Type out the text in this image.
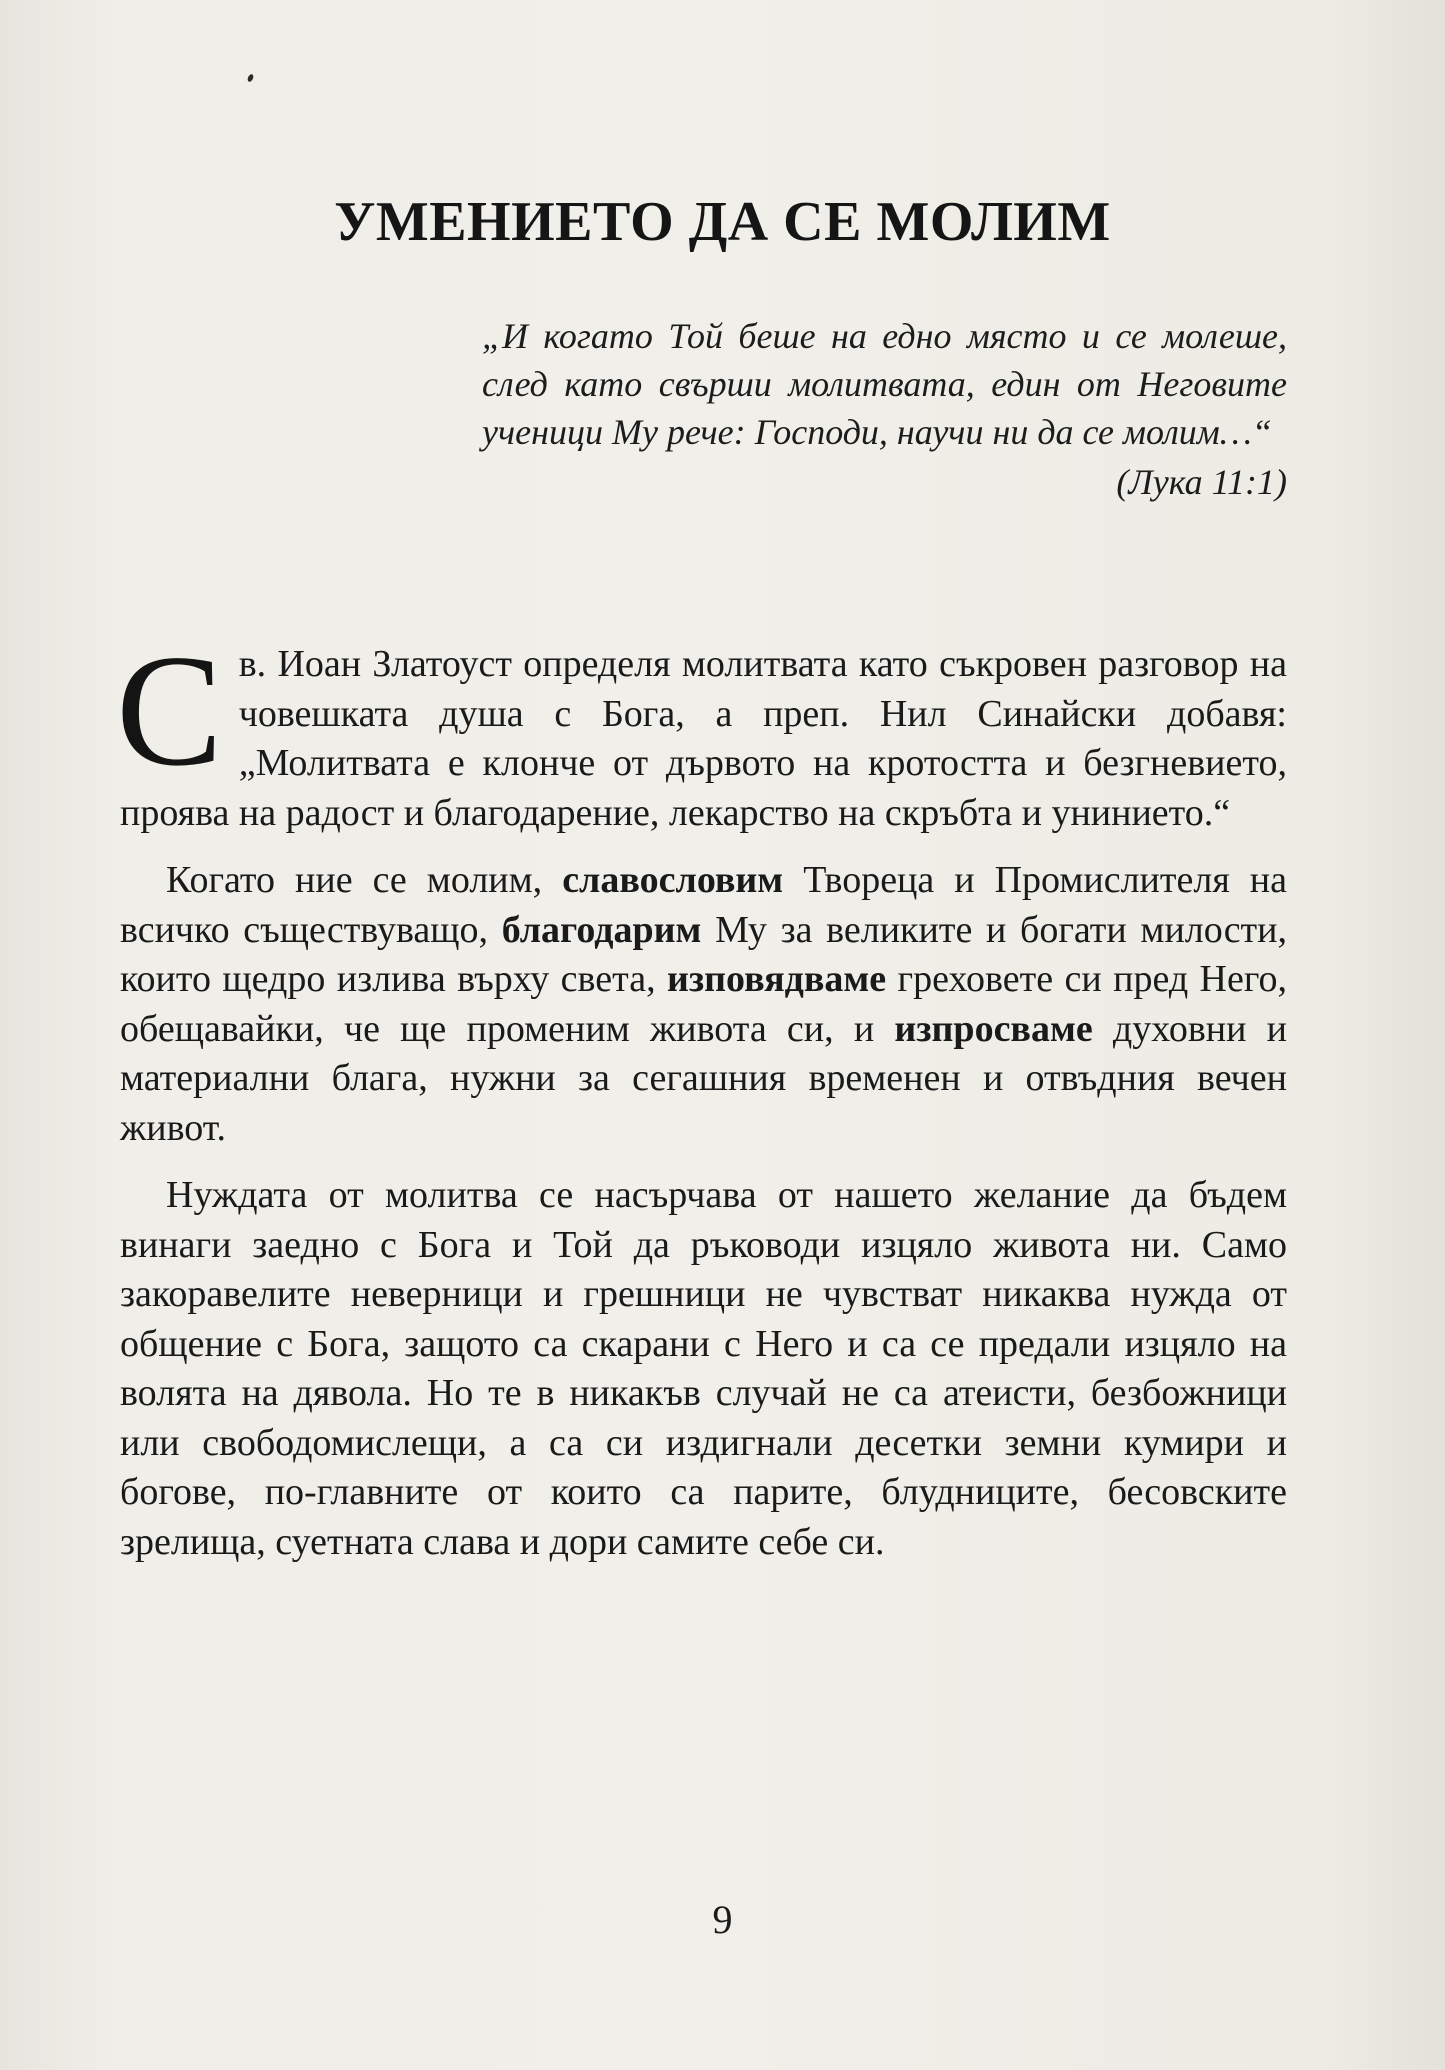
УМЕНИЕТО ДА СЕ МОЛИМ
„И когато Той беше на едно място и се молеше, след като свърши молитвата, един от Неговите ученици Му рече: Господи, научи ни да се молим…“
(Лука 11:1)

Св. Иоан Златоуст определя молитвата като съкровен разговор на човешката душа с Бога, а преп. Нил Синайски добавя: „Молитвата е клонче от дървото на кротостта и безгневието, проява на радост и благодарение, лекарство на скръбта и унинието.“

Когато ние се молим, славословим Твореца и Промислителя на всичко съществуващо, благодарим Му за великите и богати милости, които щедро излива върху света, изповядваме греховете си пред Него, обещавайки, че ще променим живота си, и изпросваме духовни и материални блага, нужни за сегашния временен и отвъдния вечен живот.

Нуждата от молитва се насърчава от нашето желание да бъдем винаги заедно с Бога и Той да ръководи изцяло живота ни. Само закоравелите неверници и грешници не чувстват никаква нужда от общение с Бога, защото са скарани с Него и са се предали изцяло на волята на дявола. Но те в никакъв случай не са атеисти, безбожници или свободомислещи, а са си издигнали десетки земни кумири и богове, по-главните от които са парите, блудниците, бесовските зрелища, суетната слава и дори самите себе си.

9
